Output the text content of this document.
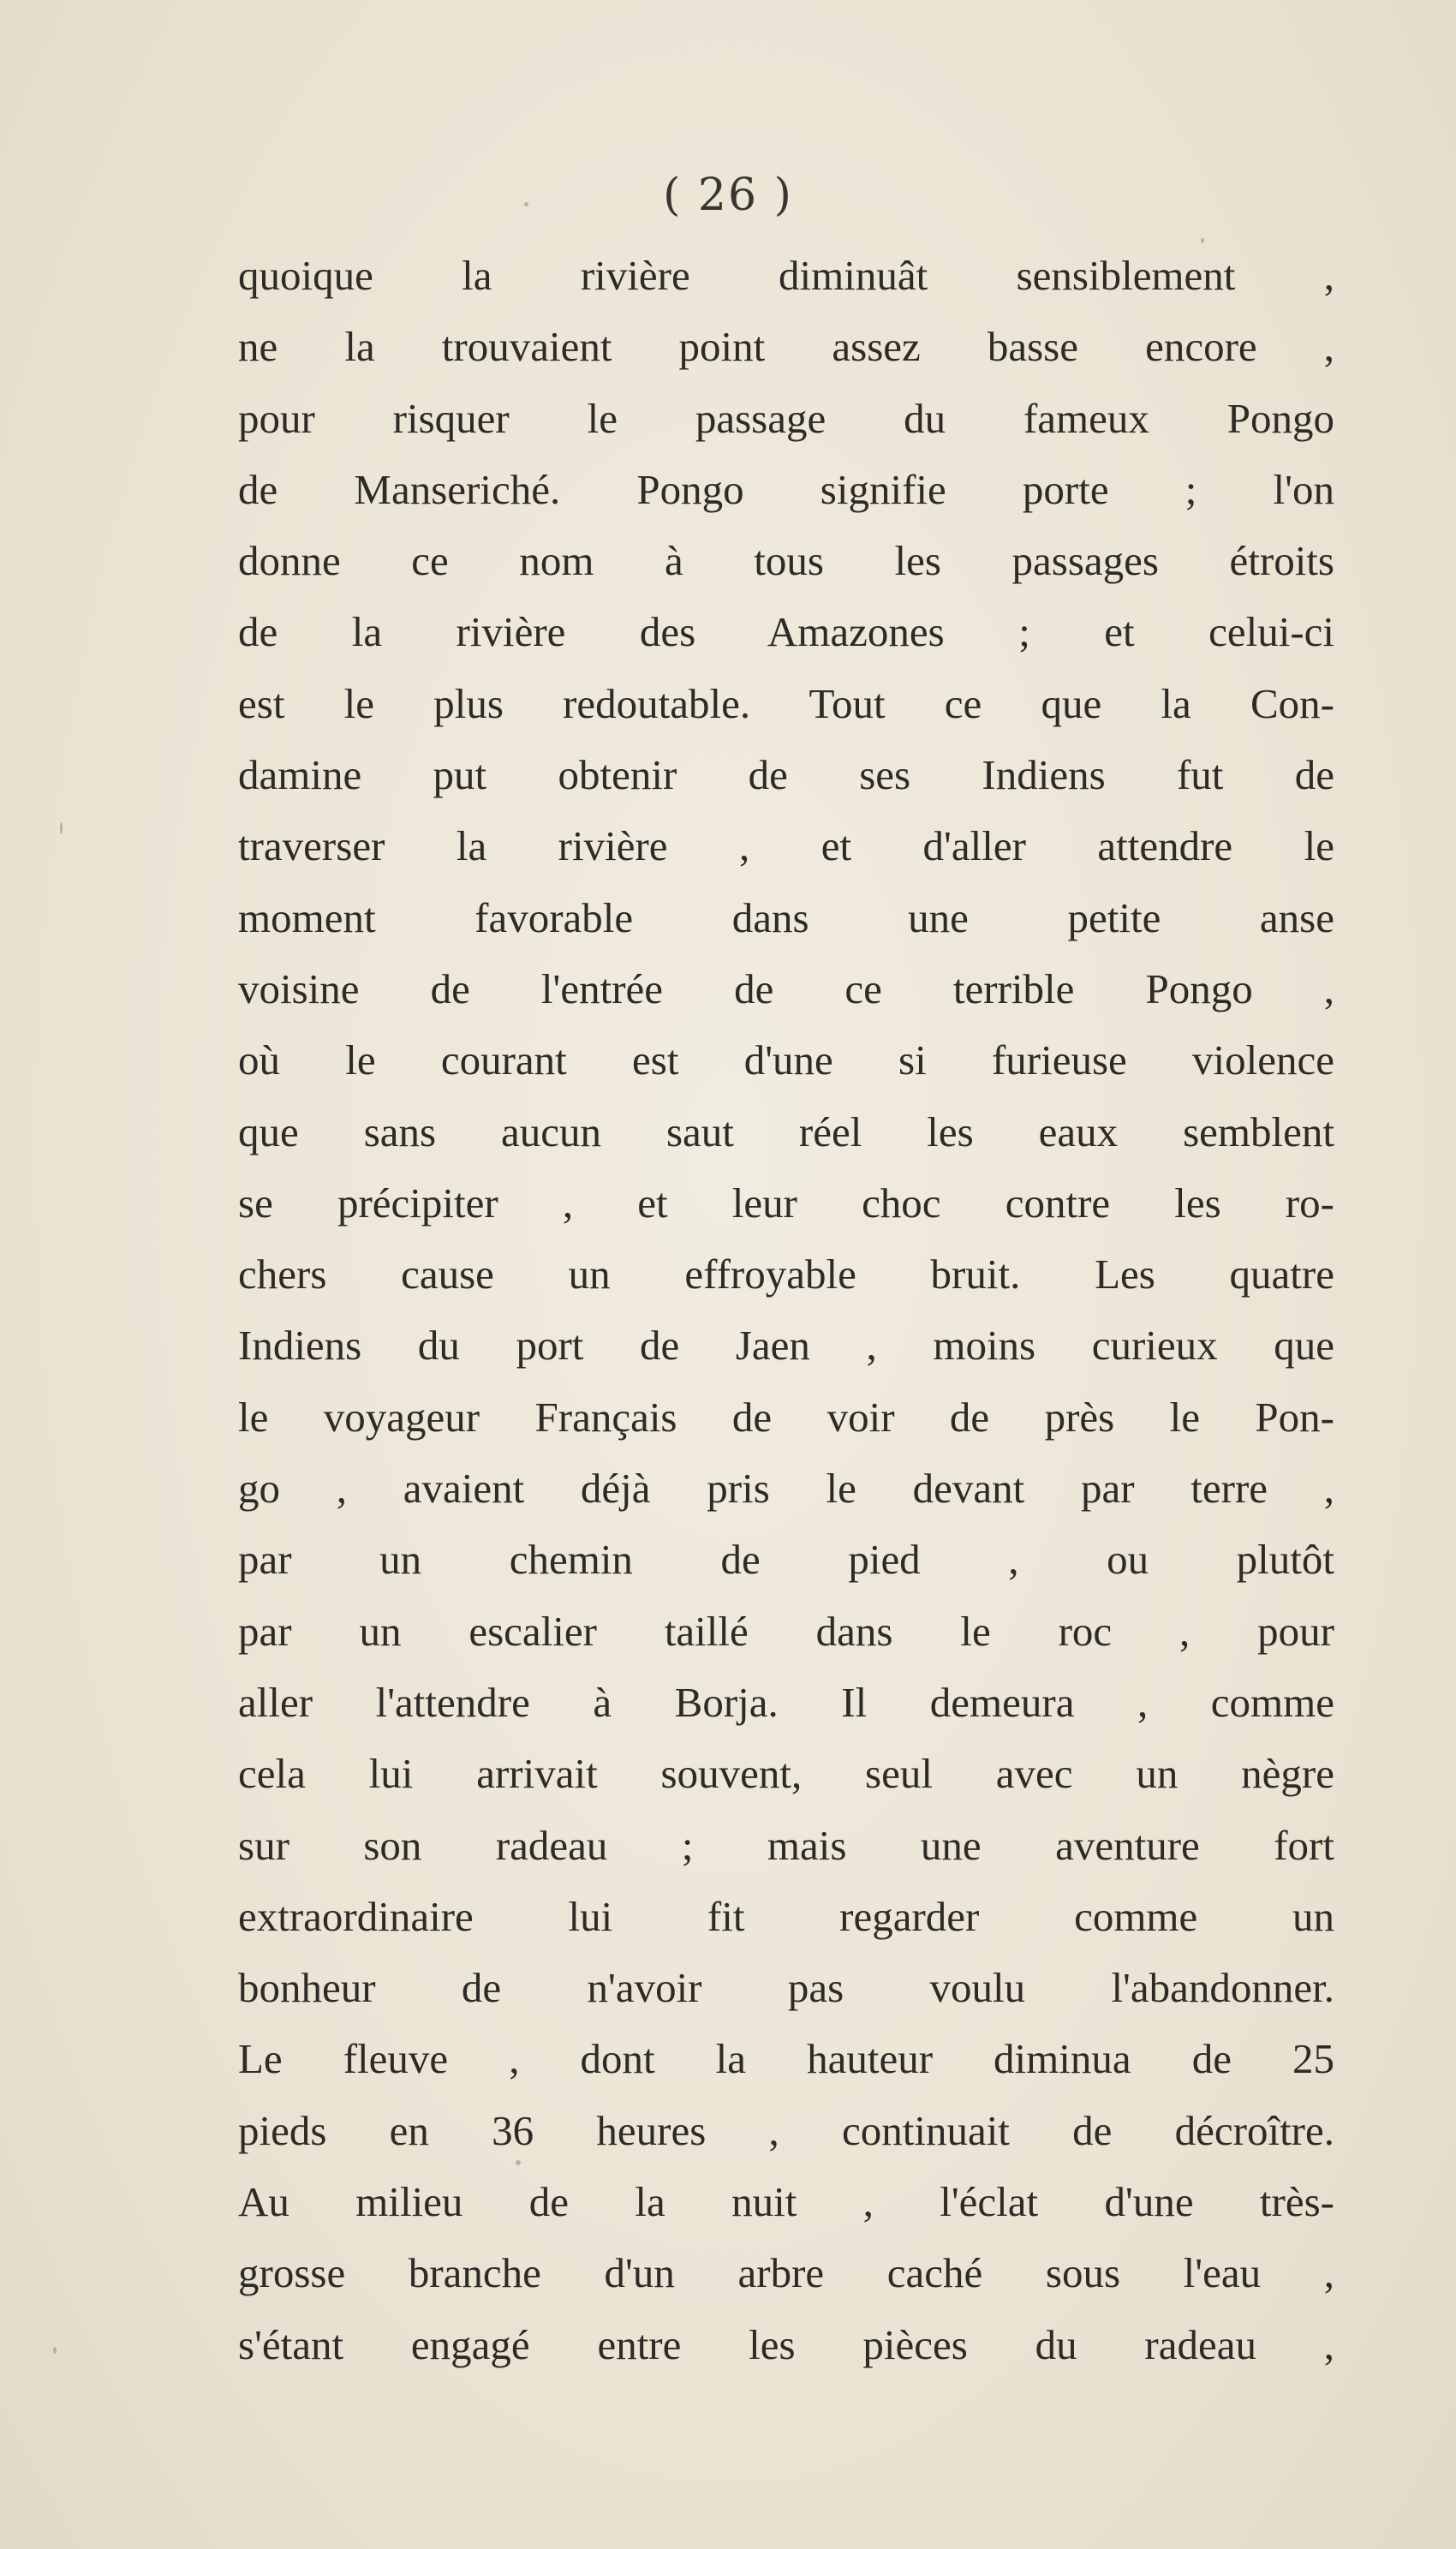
( 26 )
quoique la rivière diminuât sensiblement ,
ne la trouvaient point assez basse encore ,
pour risquer le passage du fameux Pongo
de Manseriché. Pongo signifie porte ; l'on
donne ce nom à tous les passages étroits
de la rivière des Amazones ; et celui-ci
est le plus redoutable. Tout ce que la Con-
damine put obtenir de ses Indiens fut de
traverser la rivière , et d'aller attendre le
moment favorable dans une petite anse
voisine de l'entrée de ce terrible Pongo ,
où le courant est d'une si furieuse violence
que sans aucun saut réel les eaux semblent
se précipiter , et leur choc contre les ro-
chers cause un effroyable bruit. Les quatre
Indiens du port de Jaen , moins curieux que
le voyageur Français de voir de près le Pon-
go , avaient déjà pris le devant par terre ,
par un chemin de pied , ou plutôt
par un escalier taillé dans le roc , pour
aller l'attendre à Borja. Il demeura , comme
cela lui arrivait souvent, seul avec un nègre
sur son radeau ; mais une aventure fort
extraordinaire lui fit regarder comme un
bonheur de n'avoir pas voulu l'abandonner.
Le fleuve , dont la hauteur diminua de 25
pieds en 36 heures , continuait de décroître.
Au milieu de la nuit , l'éclat d'une très-
grosse branche d'un arbre caché sous l'eau ,
s'étant engagé entre les pièces du radeau ,
